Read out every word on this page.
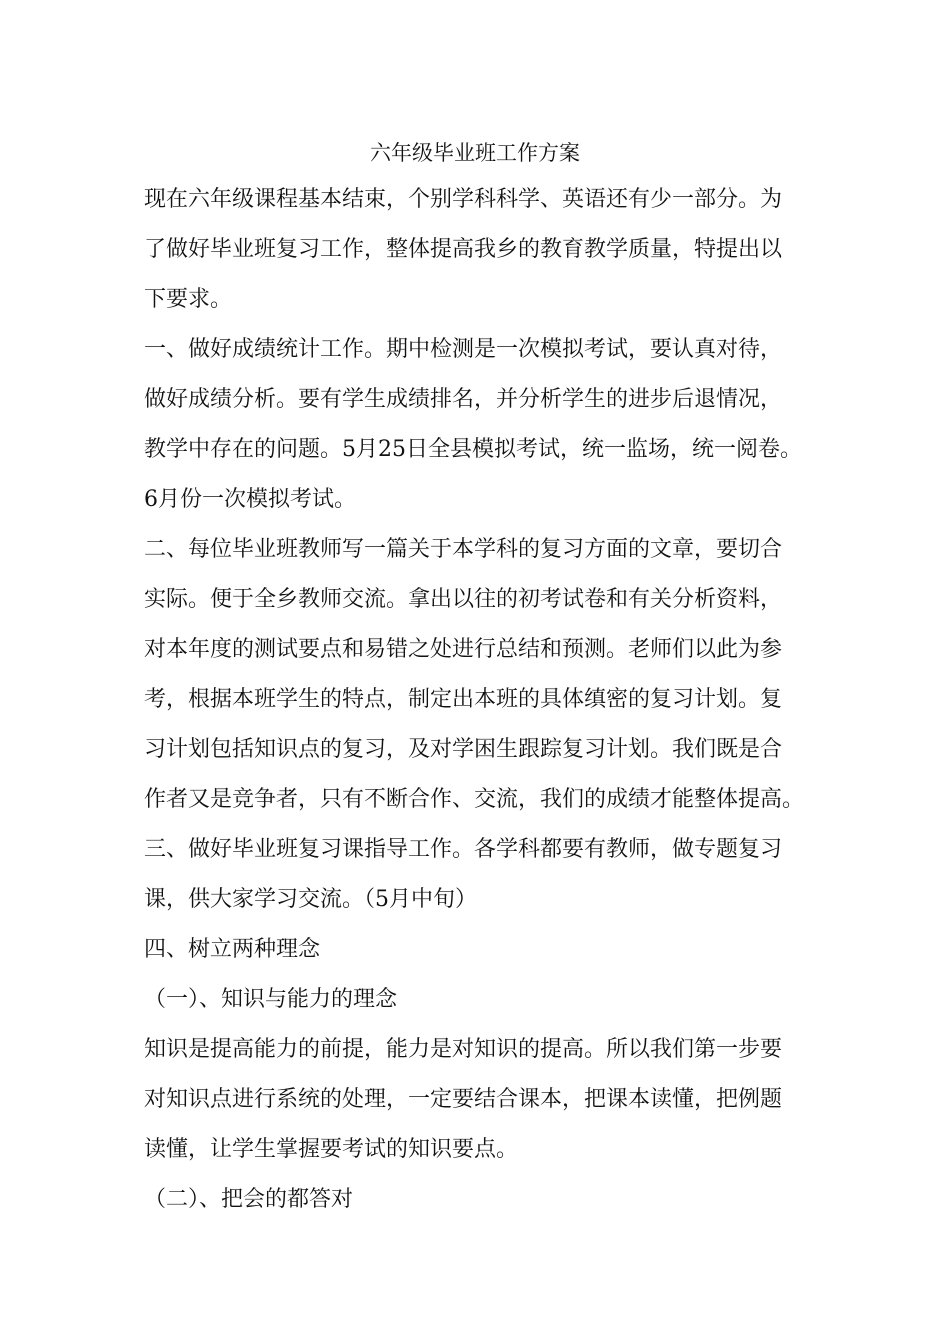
六年级毕业班工作方案
现在六年级课程基本结束，个别学科科学、英语还有少一部分。为
了做好毕业班复习工作，整体提高我乡的教育教学质量，特提出以
下要求。
一、做好成绩统计工作。期中检测是一次模拟考试，要认真对待，
做好成绩分析。要有学生成绩排名，并分析学生的进步后退情况，
教学中存在的问题。5月25日全县模拟考试，统一监场，统一阅卷。
6月份一次模拟考试。
二、每位毕业班教师写一篇关于本学科的复习方面的文章，要切合
实际。便于全乡教师交流。拿出以往的初考试卷和有关分析资料，
对本年度的测试要点和易错之处进行总结和预测。老师们以此为参
考，根据本班学生的特点，制定出本班的具体缜密的复习计划。复
习计划包括知识点的复习，及对学困生跟踪复习计划。我们既是合
作者又是竞争者，只有不断合作、交流，我们的成绩才能整体提高。
三、做好毕业班复习课指导工作。各学科都要有教师，做专题复习
课，供大家学习交流。（5月中旬）
四、树立两种理念
（一）、知识与能力的理念
知识是提高能力的前提，能力是对知识的提高。所以我们第一步要
对知识点进行系统的处理，一定要结合课本，把课本读懂，把例题
读懂，让学生掌握要考试的知识要点。
（二）、把会的都答对
